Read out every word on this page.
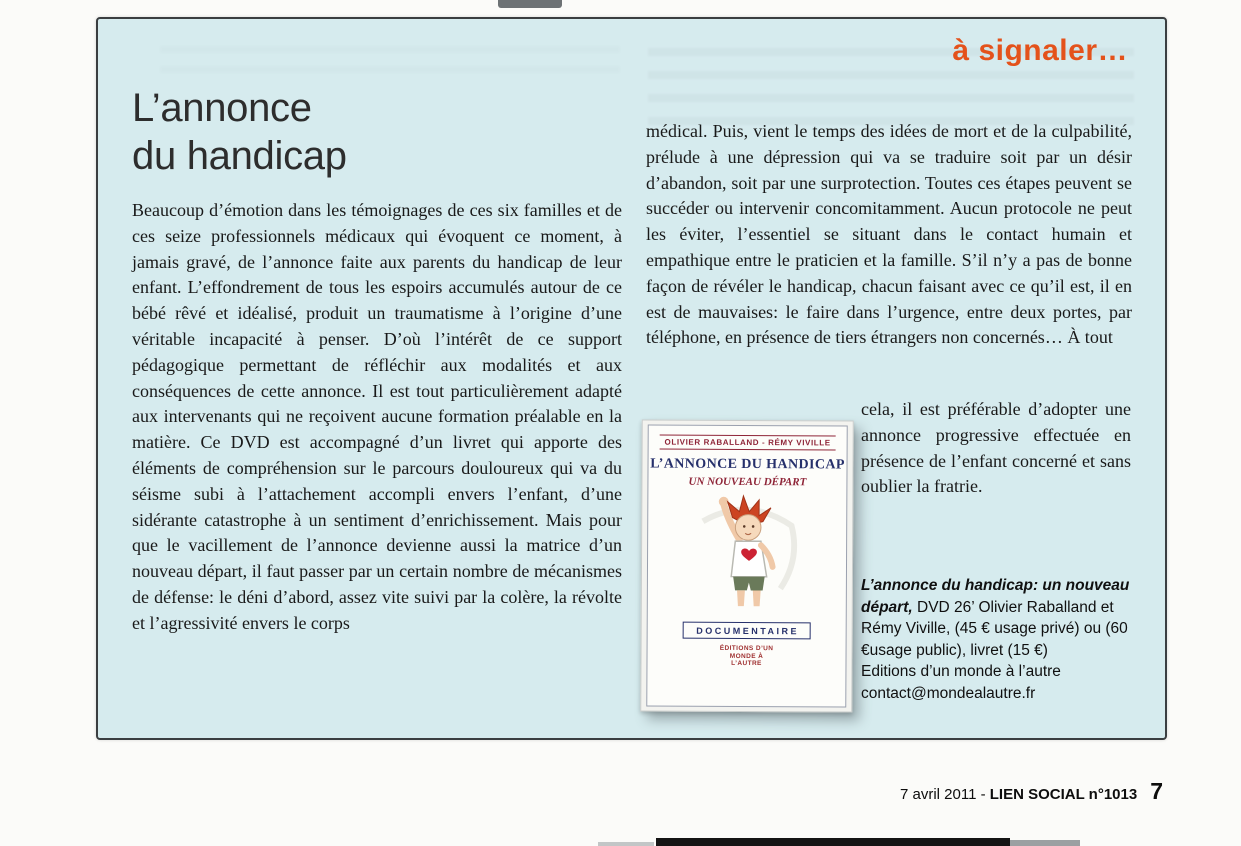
à signaler…
L’annonce
du handicap

Beaucoup d’émotion dans les témoignages de ces six familles et de ces seize professionnels médicaux qui évoquent ce moment, à jamais gravé, de l’annonce faite aux parents du handicap de leur enfant. L’effondrement de tous les espoirs accumulés autour de ce bébé rêvé et idéalisé, produit un traumatisme à l’origine d’une véritable incapacité à penser. D’où l’intérêt de ce support pédagogique permettant de réfléchir aux modalités et aux conséquences de cette annonce. Il est tout particulièrement adapté aux intervenants qui ne reçoivent aucune formation préalable en la matière. Ce DVD est accompagné d’un livret qui apporte des éléments de compréhension sur le parcours douloureux qui va du séisme subi à l’attachement accompli envers l’enfant, d’une sidérante catastrophe à un sentiment d’enrichissement. Mais pour que le vacillement de l’annonce devienne aussi la matrice d’un nouveau départ, il faut passer par un certain nombre de mécanismes de défense: le déni d’abord, assez vite suivi par la colère, la révolte et l’agressivité envers le corps

médical. Puis, vient le temps des idées de mort et de la culpabilité, prélude à une dépression qui va se traduire soit par un désir d’abandon, soit par une surprotection. Toutes ces étapes peuvent se succéder ou intervenir concomitamment. Aucun protocole ne peut les éviter, l’essentiel se situant dans le contact humain et empathique entre le praticien et la famille. S’il n’y a pas de bonne façon de révéler le handicap, chacun faisant avec ce qu’il est, il en est de mauvaises: le faire dans l’urgence, entre deux portes, par téléphone, en présence de tiers étrangers non concernés… À tout

OLIVIER RABALLAND - RÉMY VIVILLE
L’ANNONCE DU HANDICAP
UN NOUVEAU DÉPART
DOCUMENTAIRE
ÉDITIONS D’UN MONDE À L’AUTRE

cela, il est préférable d’adopter une annonce progressive effectuée en présence de l’enfant concerné et sans oublier la fratrie.

L’annonce du handicap: un nouveau départ, DVD 26’ Olivier Raballand et Rémy Viville, (45 € usage privé) ou (60 €usage public), livret (15 €)
Editions d’un monde à l’autre
contact@mondealautre.fr
7 avril 2011 - LIEN SOCIAL n°1013 7
